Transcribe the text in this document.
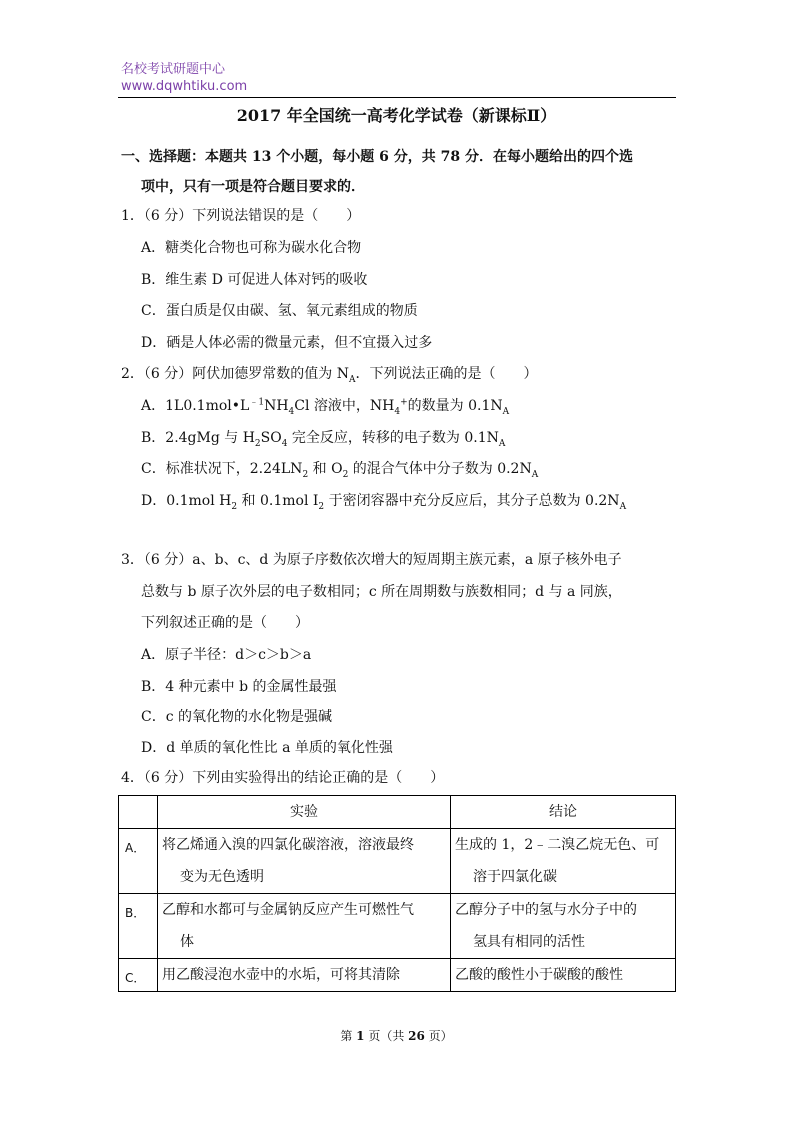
名校考试研题中心
www.dqwhtiku.com
2017 年全国统一高考化学试卷（新课标Ⅱ）
一、选择题：本题共 13 个小题，每小题 6 分，共 78 分．在每小题给出的四个选
项中，只有一项是符合题目要求的．
1．（6 分）下列说法错误的是（　　）
A．糖类化合物也可称为碳水化合物
B．维生素 D 可促进人体对钙的吸收
C．蛋白质是仅由碳、氢、氧元素组成的物质
D．硒是人体必需的微量元素，但不宜摄入过多
2．（6 分）阿伏加德罗常数的值为 $N_A$．下列说法正确的是（　　）
A．$1L0.1mol•L^{﹣1}NH_4Cl$ 溶液中，$NH_4^+$的数量为 $0.1N_A$
B．2.4gMg 与 $H_2SO_4$ 完全反应，转移的电子数为 $0.1N_A$
C．标准状况下，$2.24LN_2$ 和 $O_2$ 的混合气体中分子数为 $0.2N_A$
D．0.1mol $H_2$ 和 0.1mol $I_2$ 于密闭容器中充分反应后，其分子总数为 $0.2N_A$
3．（6 分）a、b、c、d 为原子序数依次增大的短周期主族元素，a 原子核外电子
总数与 b 原子次外层的电子数相同；c 所在周期数与族数相同；d 与 a 同族，
下列叙述正确的是（　　）
A．原子半径：d＞c＞b＞a
B．4 种元素中 b 的金属性最强
C．c 的氧化物的水化物是强碱
D．d 单质的氧化性比 a 单质的氧化性强
4．（6 分）下列由实验得出的结论正确的是（　　）
	实验	结论

A．	将乙烯通入溴的四氯化碳溶液，溶液最终
变为无色透明	生成的 1，2﹣二溴乙烷无色、可
溶于四氯化碳

B．	乙醇和水都可与金属钠反应产生可燃性气
体	乙醇分子中的氢与水分子中的
氢具有相同的活性

C．	用乙酸浸泡水壶中的水垢，可将其清除	乙酸的酸性小于碳酸的酸性
第 1 页（共 26 页）
